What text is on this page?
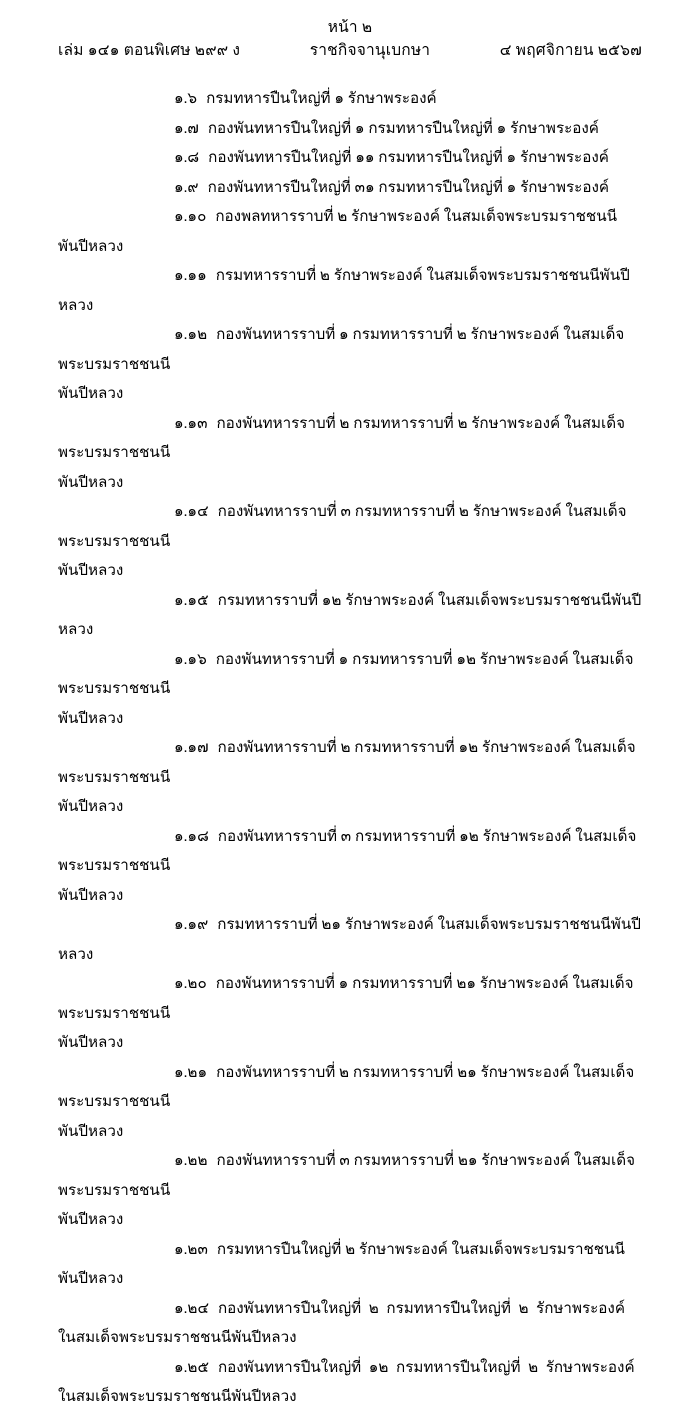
หน้า ๒
เล่ม ๑๔๑ ตอนพิเศษ ๒๙๙ ง	ราชกิจจานุเบกษา	๔ พฤศจิกายน ๒๕๖๗

๑.๖ กรมทหารปืนใหญ่ที่ ๑ รักษาพระองค์

๑.๗ กองพันทหารปืนใหญ่ที่ ๑ กรมทหารปืนใหญ่ที่ ๑ รักษาพระองค์

๑.๘ กองพันทหารปืนใหญ่ที่ ๑๑ กรมทหารปืนใหญ่ที่ ๑ รักษาพระองค์

๑.๙ กองพันทหารปืนใหญ่ที่ ๓๑ กรมทหารปืนใหญ่ที่ ๑ รักษาพระองค์

๑.๑๐ กองพลทหารราบที่ ๒ รักษาพระองค์ ในสมเด็จพระบรมราชชนนีพันปีหลวง

๑.๑๑ กรมทหารราบที่ ๒ รักษาพระองค์ ในสมเด็จพระบรมราชชนนีพันปีหลวง

๑.๑๒ กองพันทหารราบที่ ๑ กรมทหารราบที่ ๒ รักษาพระองค์ ในสมเด็จพระบรมราชชนนี

พันปีหลวง

๑.๑๓ กองพันทหารราบที่ ๒ กรมทหารราบที่ ๒ รักษาพระองค์ ในสมเด็จพระบรมราชชนนี

พันปีหลวง

๑.๑๔ กองพันทหารราบที่ ๓ กรมทหารราบที่ ๒ รักษาพระองค์ ในสมเด็จพระบรมราชชนนี

พันปีหลวง

๑.๑๕ กรมทหารราบที่ ๑๒ รักษาพระองค์ ในสมเด็จพระบรมราชชนนีพันปีหลวง

๑.๑๖ กองพันทหารราบที่ ๑ กรมทหารราบที่ ๑๒ รักษาพระองค์ ในสมเด็จพระบรมราชชนนี

พันปีหลวง

๑.๑๗ กองพันทหารราบที่ ๒ กรมทหารราบที่ ๑๒ รักษาพระองค์ ในสมเด็จพระบรมราชชนนี

พันปีหลวง

๑.๑๘ กองพันทหารราบที่ ๓ กรมทหารราบที่ ๑๒ รักษาพระองค์ ในสมเด็จพระบรมราชชนนี

พันปีหลวง

๑.๑๙ กรมทหารราบที่ ๒๑ รักษาพระองค์ ในสมเด็จพระบรมราชชนนีพันปีหลวง

๑.๒๐ กองพันทหารราบที่ ๑ กรมทหารราบที่ ๒๑ รักษาพระองค์ ในสมเด็จพระบรมราชชนนี

พันปีหลวง

๑.๒๑ กองพันทหารราบที่ ๒ กรมทหารราบที่ ๒๑ รักษาพระองค์ ในสมเด็จพระบรมราชชนนี

พันปีหลวง

๑.๒๒ กองพันทหารราบที่ ๓ กรมทหารราบที่ ๒๑ รักษาพระองค์ ในสมเด็จพระบรมราชชนนี

พันปีหลวง

๑.๒๓ กรมทหารปืนใหญ่ที่ ๒ รักษาพระองค์ ในสมเด็จพระบรมราชชนนีพันปีหลวง

๑.๒๔ กองพันทหารปืนใหญ่ที่  ๒  กรมทหารปืนใหญ่ที่  ๒  รักษาพระองค์

ในสมเด็จพระบรมราชชนนีพันปีหลวง

๑.๒๕ กองพันทหารปืนใหญ่ที่  ๑๒  กรมทหารปืนใหญ่ที่  ๒  รักษาพระองค์

ในสมเด็จพระบรมราชชนนีพันปีหลวง
